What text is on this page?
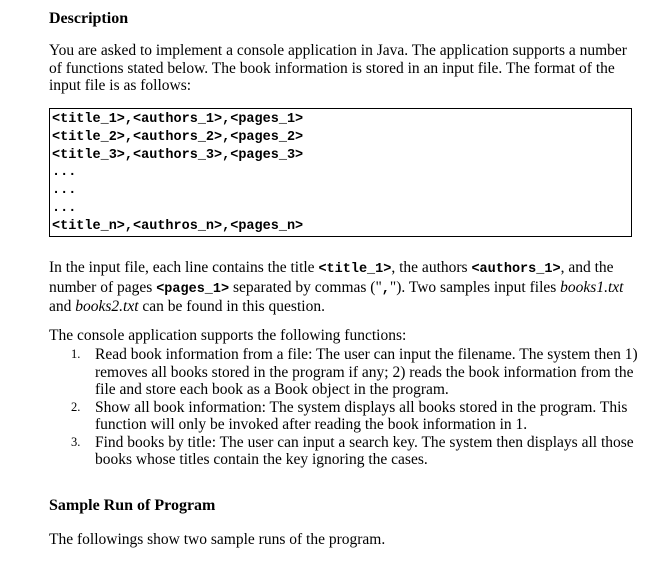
Description

You are asked to implement a console application in Java. The application supports a number of functions stated below. The book information is stored in an input file. The format of the input file is as follows:

<title_1>,<authors_1>,<pages_1>
<title_2>,<authors_2>,<pages_2>
<title_3>,<authors_3>,<pages_3>
...
...
...
<title_n>,<authros_n>,<pages_n>

In the input file, each line contains the title <title_1>, the authors <authors_1>, and the number of pages <pages_1> separated by commas (","). Two samples input files books1.txt and books2.txt can be found in this question.

The console application supports the following functions:

1. Read book information from a file: The user can input the filename. The system then 1) removes all books stored in the program if any; 2) reads the book information from the file and store each book as a Book object in the program.
2. Show all book information: The system displays all books stored in the program. This function will only be invoked after reading the book information in 1.
3. Find books by title: The user can input a search key. The system then displays all those books whose titles contain the key ignoring the cases.
Sample Run of Program

The followings show two sample runs of the program.
